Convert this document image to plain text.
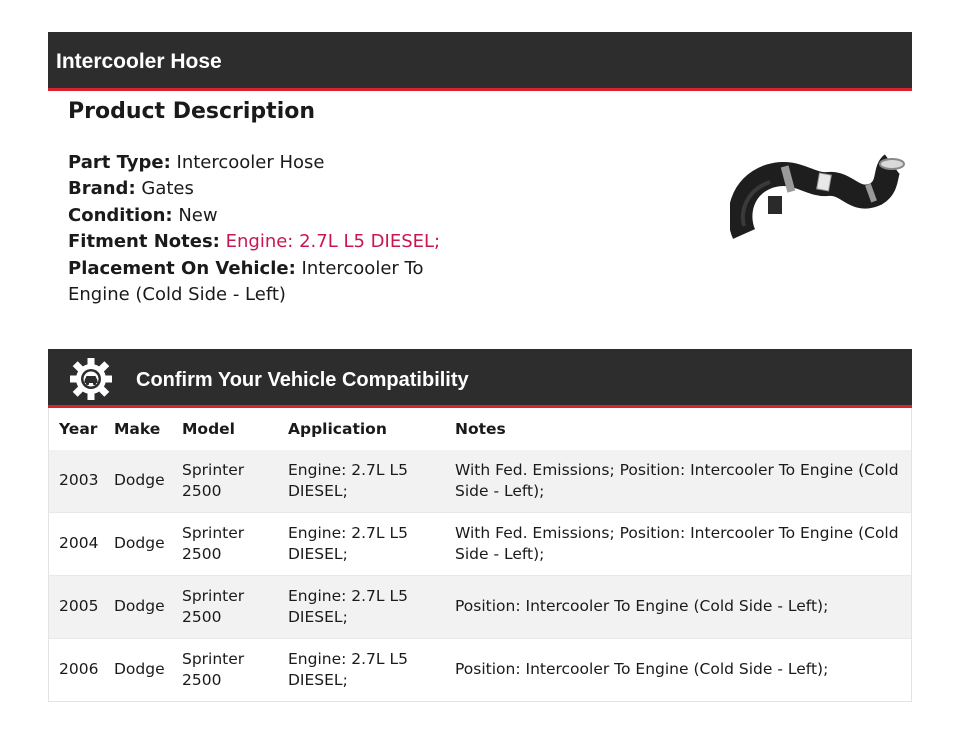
Intercooler Hose
Product Description
Part Type: Intercooler Hose
Brand: Gates
Condition: New
Fitment Notes: Engine: 2.7L L5 DIESEL;
Placement On Vehicle: Intercooler To Engine (Cold Side - Left)
Confirm Your Vehicle Compatibility
Year	Make	Model	Application	Notes
2003	Dodge	Sprinter 2500	Engine: 2.7L L5 DIESEL;	With Fed. Emissions; Position: Intercooler To Engine (Cold Side - Left);
2004	Dodge	Sprinter 2500	Engine: 2.7L L5 DIESEL;	With Fed. Emissions; Position: Intercooler To Engine (Cold Side - Left);
2005	Dodge	Sprinter 2500	Engine: 2.7L L5 DIESEL;	Position: Intercooler To Engine (Cold Side - Left);
2006	Dodge	Sprinter 2500	Engine: 2.7L L5 DIESEL;	Position: Intercooler To Engine (Cold Side - Left);
